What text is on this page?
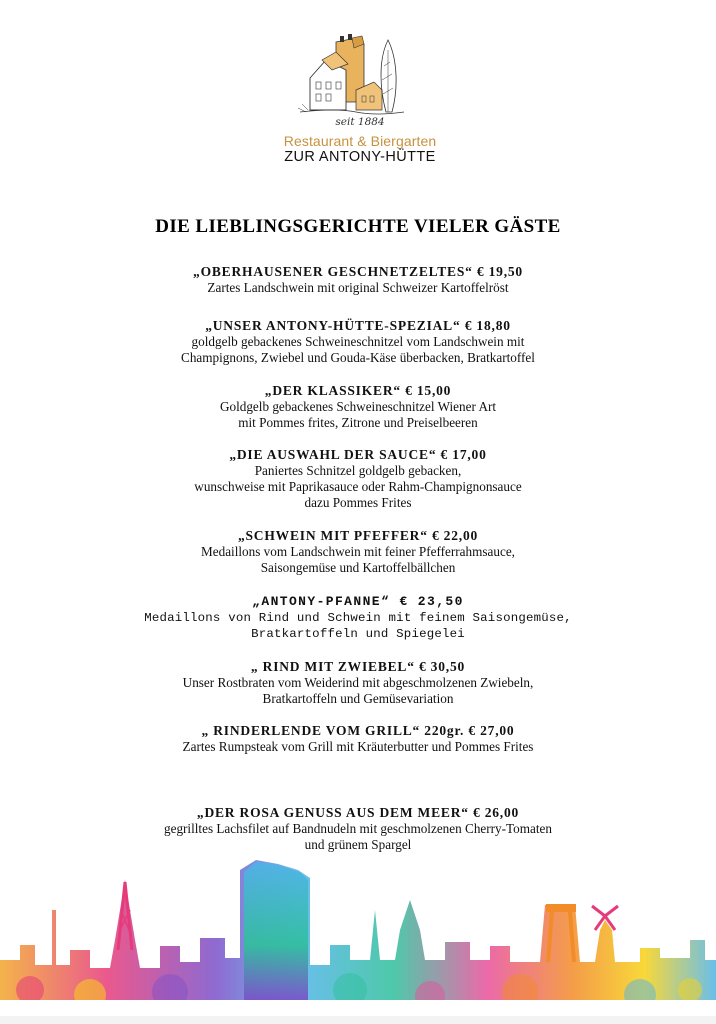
seit 1884
Restaurant & Biergarten
ZUR ANTONY-HÜTTE
DIE LIEBLINGSGERICHTE VIELER GÄSTE
„OBERHAUSENER GESCHNETZELTES“ € 19,50
Zartes Landschwein mit original Schweizer Kartoffelröst
„UNSER ANTONY-HÜTTE-SPEZIAL“ € 18,80
goldgelb gebackenes Schweineschnitzel vom Landschwein mit
Champignons, Zwiebel und Gouda-Käse überbacken, Bratkartoffel
„DER KLASSIKER“ € 15,00
Goldgelb gebackenes Schweineschnitzel Wiener Art
mit Pommes frites, Zitrone und Preiselbeeren
„DIE AUSWAHL DER SAUCE“ € 17,00
Paniertes Schnitzel goldgelb gebacken,
wunschweise mit Paprikasauce oder Rahm-Champignonsauce
dazu Pommes Frites
„SCHWEIN MIT PFEFFER“ € 22,00
Medaillons vom Landschwein mit feiner Pfefferrahmsauce,
Saisongemüse und Kartoffelbällchen
„ANTONY-PFANNE“ € 23,50
Medaillons von Rind und Schwein mit feinem Saisongemüse,
Bratkartoffeln und Spiegelei
„ RIND MIT ZWIEBEL“ € 30,50
Unser Rostbraten vom Weiderind mit abgeschmolzenen Zwiebeln,
Bratkartoffeln und Gemüsevariation
„ RINDERLENDE VOM GRILL“ 220gr. € 27,00
Zartes Rumpsteak vom Grill mit Kräuterbutter und Pommes Frites
„DER ROSA GENUSS AUS DEM MEER“ € 26,00
gegrilltes Lachsfilet auf Bandnudeln mit geschmolzenen Cherry-Tomaten
und grünem Spargel
